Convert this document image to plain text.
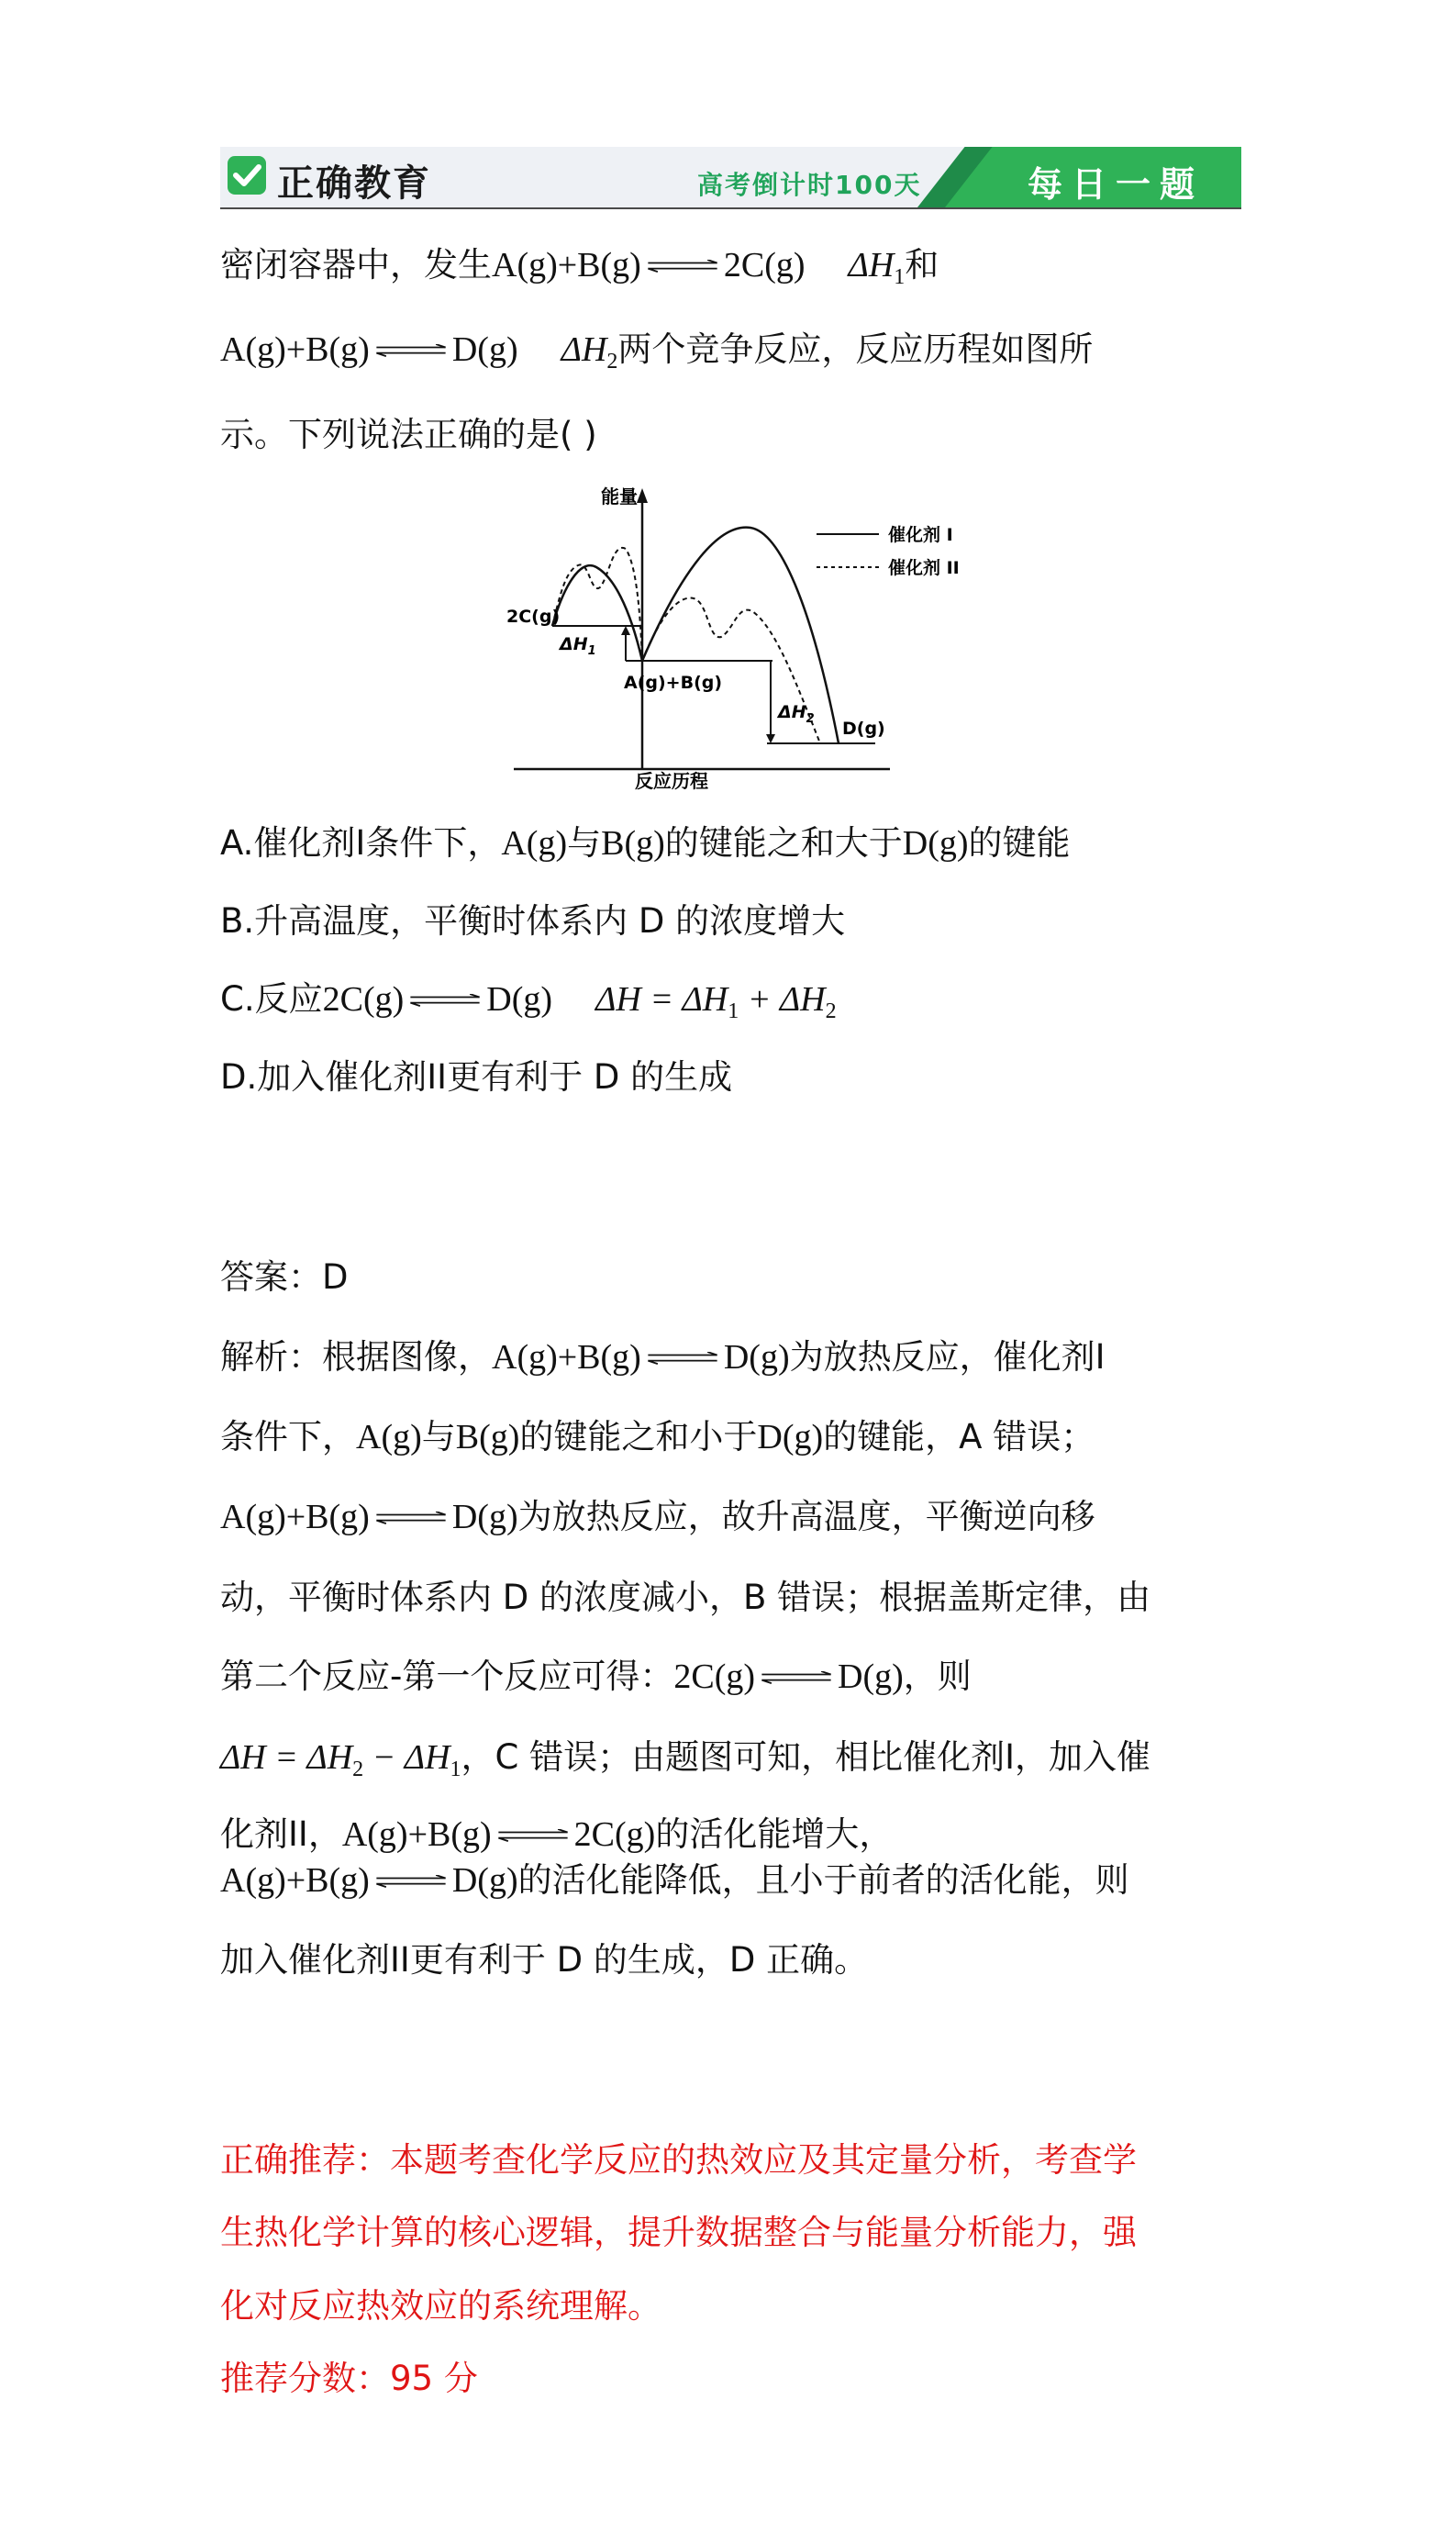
正确教育	高考倒计时100天	每日一题
密闭容器中，发生A(g)+B(g) 2C(g) $\Delta H_1$和
A(g)+B(g) D(g) $\Delta H_2$两个竞争反应，反应历程如图所
示。下列说法正确的是( )
能量
反应历程
催化剂 I
催化剂 II
2C(g)
$\Delta H_1$
A(g)+B(g)
$\Delta H_2$ D(g)
A.催化剂I条件下，A(g)与B(g)的键能之和大于D(g)的键能
B.升高温度，平衡时体系内 D 的浓度增大
C.反应2C(g) D(g) $\Delta H = \Delta H_1 + \Delta H_2$
D.加入催化剂II更有利于 D 的生成
答案：D
解析：根据图像，A(g)+B(g) D(g)为放热反应，催化剂I
条件下，A(g)与B(g)的键能之和小于D(g)的键能，A 错误；
A(g)+B(g) D(g)为放热反应，故升高温度，平衡逆向移
动，平衡时体系内 D 的浓度减小，B 错误；根据盖斯定律，由
第二个反应-第一个反应可得：2C(g) D(g)，则
$\Delta H = \Delta H_2 - \Delta H_1$，C 错误；由题图可知，相比催化剂I，加入催
化剂II，A(g)+B(g) 2C(g)的活化能增大，
A(g)+B(g) D(g)的活化能降低，且小于前者的活化能，则
加入催化剂II更有利于 D 的生成，D 正确。
正确推荐：本题考查化学反应的热效应及其定量分析，考查学
生热化学计算的核心逻辑，提升数据整合与能量分析能力，强
化对反应热效应的系统理解。
推荐分数：95 分
